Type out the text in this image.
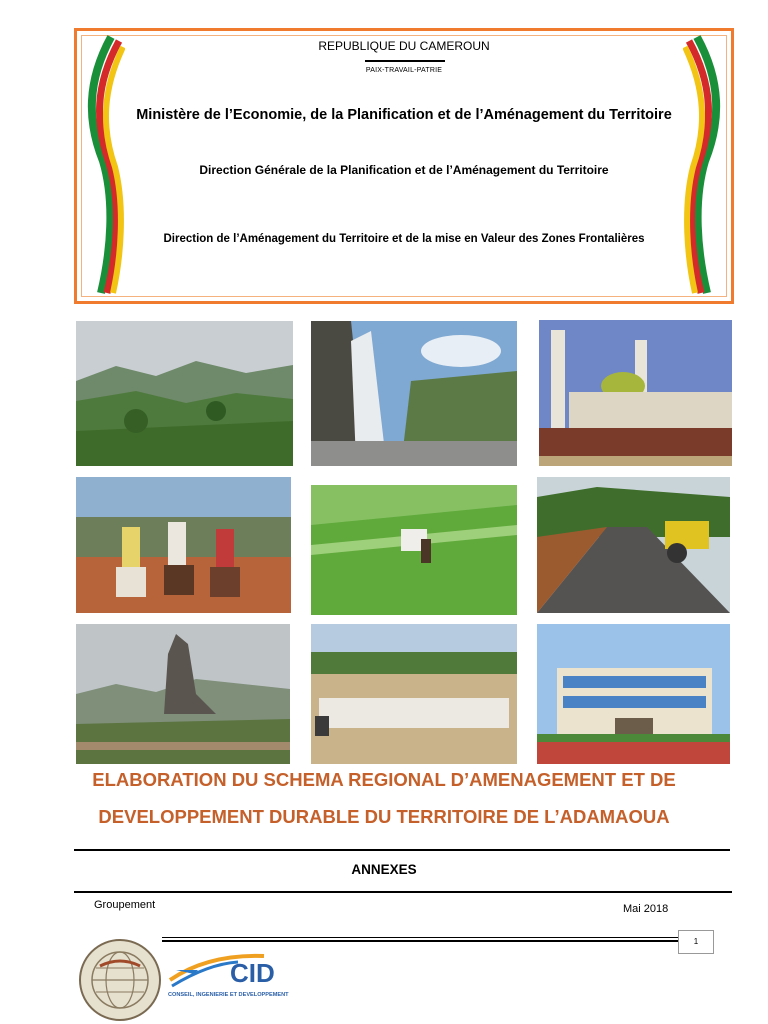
REPUBLIQUE DU CAMEROUN
PAIX-TRAVAIL-PATRIE
Ministère de l’Economie, de la Planification et de l’Aménagement du Territoire
Direction Générale de la Planification et de l’Aménagement du Territoire
Direction de l’Aménagement du Territoire et de la mise en Valeur des Zones Frontalières
ELABORATION DU SCHEMA REGIONAL D’AMENAGEMENT ET DE
DEVELOPPEMENT DURABLE DU TERRITOIRE DE L’ADAMAOUA
ANNEXES
Groupement	Mai 2018
1
CID
CONSEIL, INGENIERIE ET DEVELOPPEMENT
